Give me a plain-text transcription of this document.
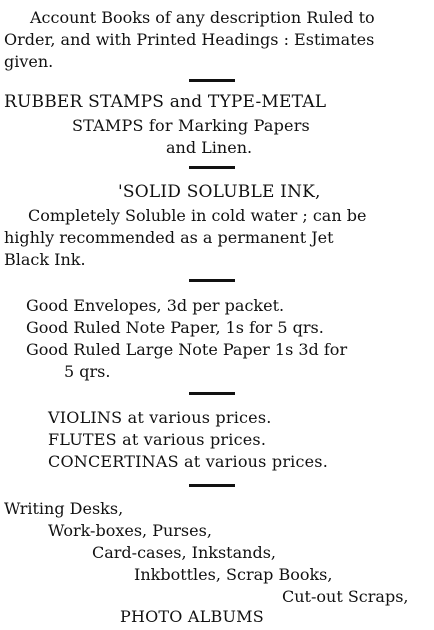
Account Books of any description Ruled to
Order, and with Printed Headings : Estimates
given.
RUBBER STAMPS and TYPE-METAL
STAMPS for Marking Papers
and Linen.
'SOLID SOLUBLE INK,
Completely Soluble in cold water ; can be
highly recommended as a permanent Jet
Black Ink.
Good Envelopes, 3d per packet.
Good Ruled Note Paper, 1s for 5 qrs.
Good Ruled Large Note Paper 1s 3d for
5 qrs.
VIOLINS at various prices.
FLUTES at various prices.
CONCERTINAS at various prices.
Writing Desks,
Work-boxes, Purses,
Card-cases, Inkstands,
Inkbottles, Scrap Books,
Cut-out Scraps,
PHOTO ALBUMS
